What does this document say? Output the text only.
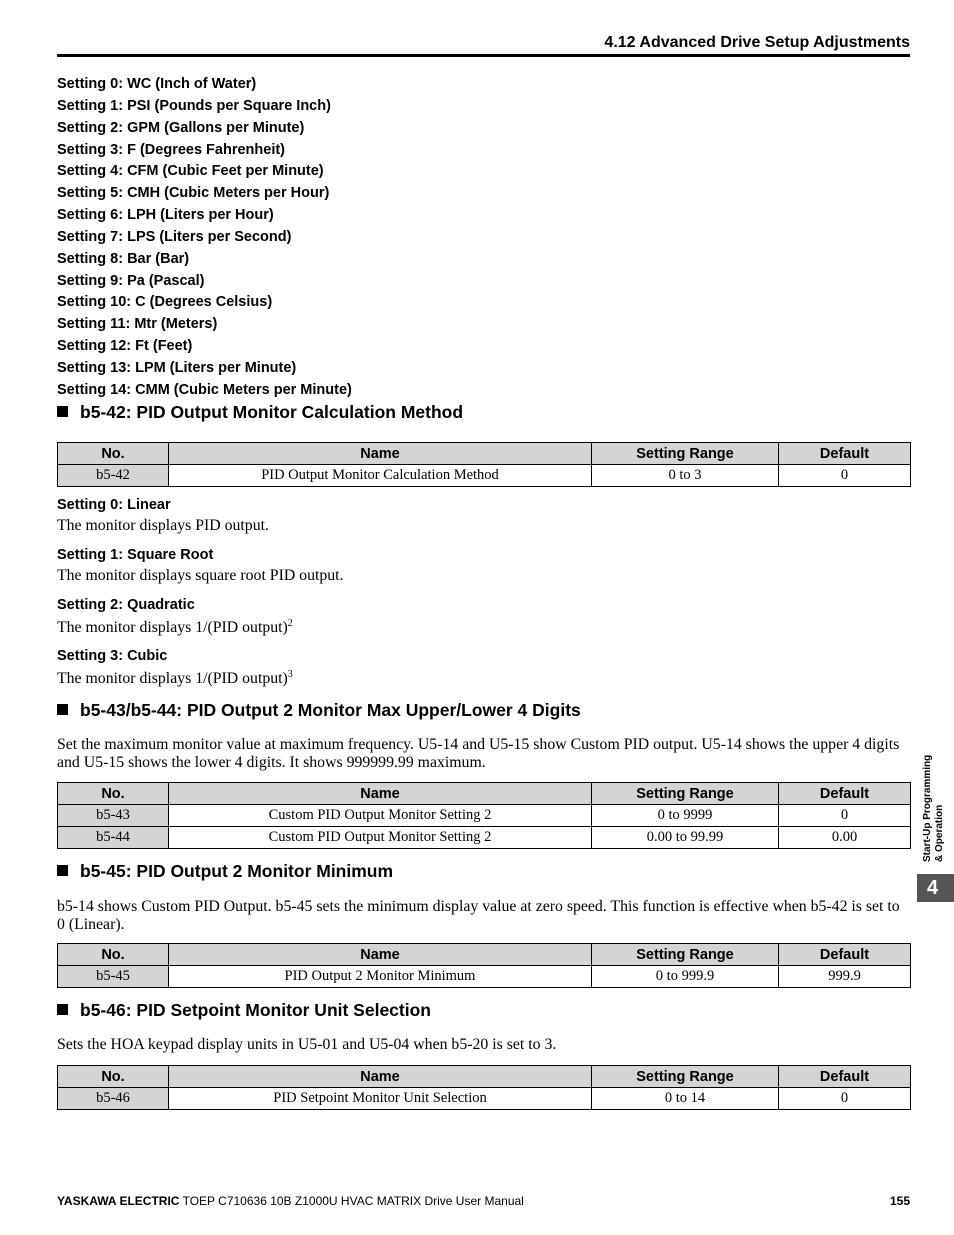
4.12 Advanced Drive Setup Adjustments
Setting 0: WC (Inch of Water)
Setting 1: PSI (Pounds per Square Inch)
Setting 2: GPM (Gallons per Minute)
Setting 3: F (Degrees Fahrenheit)
Setting 4: CFM (Cubic Feet per Minute)
Setting 5: CMH (Cubic Meters per Hour)
Setting 6: LPH (Liters per Hour)
Setting 7: LPS (Liters per Second)
Setting 8: Bar (Bar)
Setting 9: Pa (Pascal)
Setting 10: C (Degrees Celsius)
Setting 11: Mtr (Meters)
Setting 12: Ft (Feet)
Setting 13: LPM (Liters per Minute)
Setting 14: CMM (Cubic Meters per Minute)
b5-42: PID Output Monitor Calculation Method
No.	Name	Setting Range	Default
b5-42	PID Output Monitor Calculation Method	0 to 3	0
Setting 0: Linear
The monitor displays PID output.
Setting 1: Square Root
The monitor displays square root PID output.
Setting 2: Quadratic
The monitor displays 1/(PID output)$^2$
Setting 3: Cubic
The monitor displays 1/(PID output)$^3$
b5-43/b5-44: PID Output 2 Monitor Max Upper/Lower 4 Digits
Set the maximum monitor value at maximum frequency. U5-14 and U5-15 show Custom PID output. U5-14 shows the upper 4 digits and U5-15 shows the lower 4 digits. It shows 999999.99 maximum.
No.	Name	Setting Range	Default
b5-43	Custom PID Output Monitor Setting 2	0 to 9999	0
b5-44	Custom PID Output Monitor Setting 2	0.00 to 99.99	0.00
b5-45: PID Output 2 Monitor Minimum
b5-14 shows Custom PID Output. b5-45 sets the minimum display value at zero speed. This function is effective when b5-42 is set to 0 (Linear).
No.	Name	Setting Range	Default
b5-45	PID Output 2 Monitor Minimum	0 to 999.9	999.9
b5-46: PID Setpoint Monitor Unit Selection
Sets the HOA keypad display units in U5-01 and U5-04 when b5-20 is set to 3.
No.	Name	Setting Range	Default
b5-46	PID Setpoint Monitor Unit Selection	0 to 14	0
Start-Up Programming & Operation
4
YASKAWA ELECTRIC TOEP C710636 10B Z1000U HVAC MATRIX Drive User Manual	155
